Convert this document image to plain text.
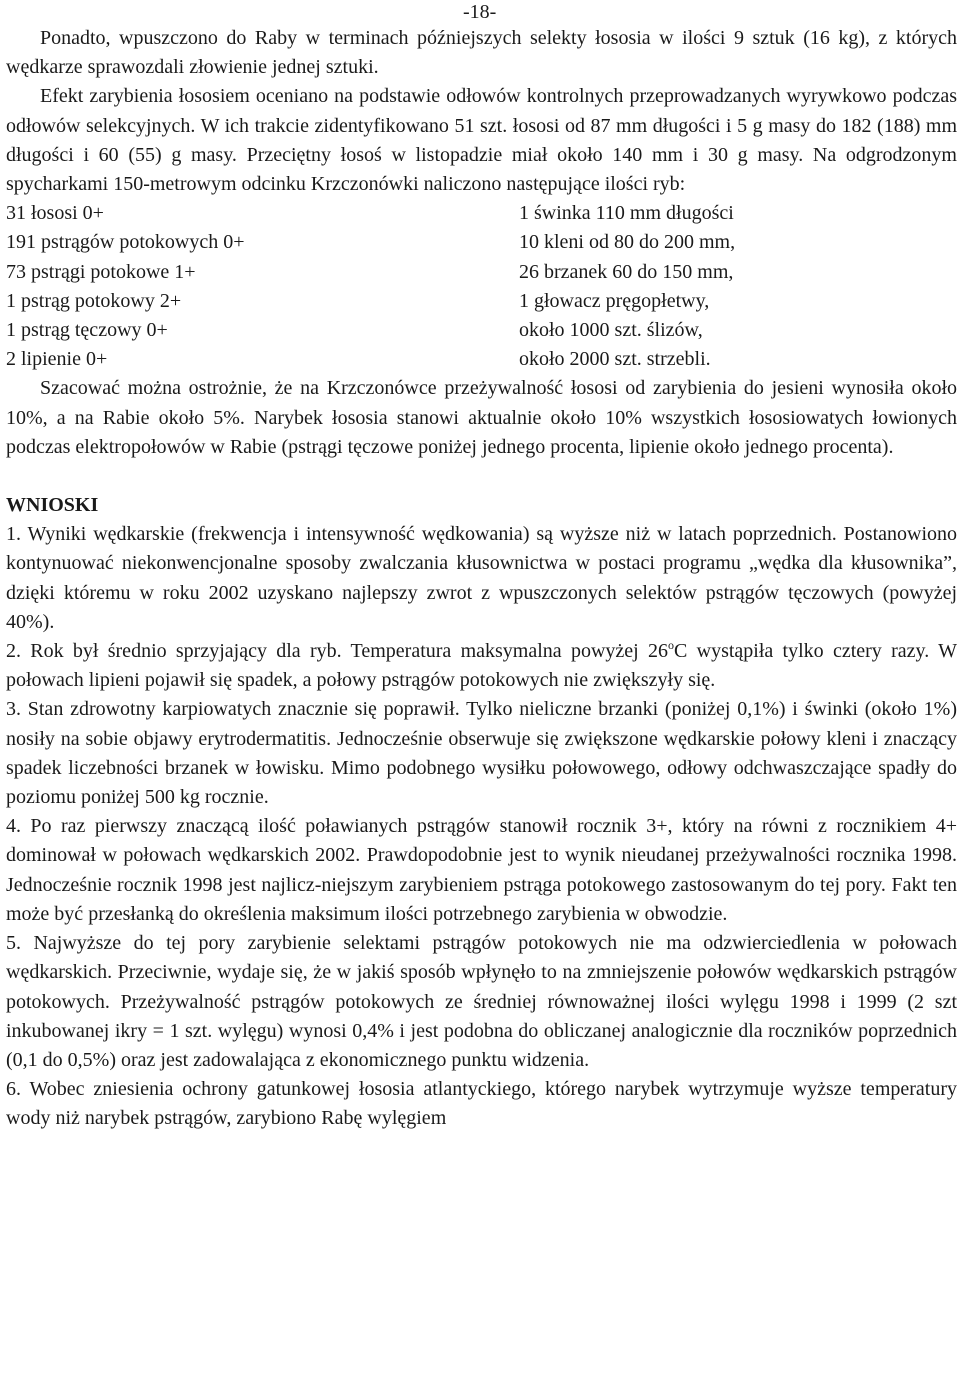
-18-

Ponadto, wpuszczono do Raby w terminach późniejszych selekty łososia w ilości 9 sztuk (16 kg), z których wędkarze sprawozdali złowienie jednej sztuki.

Efekt zarybienia łososiem oceniano na podstawie odłowów kontrolnych przeprowadzanych wyrywkowo podczas odłowów selekcyjnych. W ich trakcie zidentyfikowano 51 szt. łososi od 87 mm długości i 5 g masy do 182 (188) mm długości i 60 (55) g masy. Przeciętny łosoś w listopadzie miał około 140 mm i 30 g masy. Na odgrodzonym spycharkami 150-metrowym odcinku Krzczonówki naliczono następujące ilości ryb:

31 łososi 0+	1 świnka 110 mm długości
191 pstrągów potokowych 0+	10 kleni od 80 do 200 mm,
73 pstrągi potokowe 1+	26 brzanek 60 do 150 mm,
1 pstrąg potokowy 2+	1 głowacz pręgopłetwy,
1 pstrąg tęczowy 0+	około 1000 szt. ślizów,
2 lipienie 0+	około 2000 szt. strzebli.

Szacować można ostrożnie, że na Krzczonówce przeżywalność łososi od zarybienia do jesieni wynosiła około 10%, a na Rabie około 5%. Narybek łososia stanowi aktualnie około 10% wszystkich łososiowatych łowionych podczas elektropołowów w Rabie (pstrągi tęczowe poniżej jednego procenta, lipienie około jednego procenta).

WNIOSKI

1. Wyniki wędkarskie (frekwencja i intensywność wędkowania) są wyższe niż w latach poprzednich. Postanowiono kontynuować niekonwencjonalne sposoby zwalczania kłusownictwa w postaci programu „wędka dla kłusownika”, dzięki któremu w roku 2002 uzyskano najlepszy zwrot z wpuszczonych selektów pstrągów tęczowych (powyżej 40%).

2. Rok był średnio sprzyjający dla ryb. Temperatura maksymalna powyżej 26$^o$C wystąpiła tylko cztery razy. W połowach lipieni pojawił się spadek, a połowy pstrągów potokowych nie zwiększyły się.

3. Stan zdrowotny karpiowatych znacznie się poprawił. Tylko nieliczne brzanki (poniżej 0,1%) i świnki (około 1%) nosiły na sobie objawy erytrodermatitis. Jednocześnie obserwuje się zwiększone wędkarskie połowy kleni i znaczący spadek liczebności brzanek w łowisku. Mimo podobnego wysiłku połowowego, odłowy odchwaszczające spadły do poziomu poniżej 500 kg rocznie.

4. Po raz pierwszy znaczącą ilość poławianych pstrągów stanowił rocznik 3+, który na równi z rocznikiem 4+ dominował w połowach wędkarskich 2002. Prawdopodobnie jest to wynik nieudanej przeżywalności rocznika 1998. Jednocześnie rocznik 1998 jest najlicz-niejszym zarybieniem pstrąga potokowego zastosowanym do tej pory. Fakt ten może być przesłanką do określenia maksimum ilości potrzebnego zarybienia w obwodzie.

5. Najwyższe do tej pory zarybienie selektami pstrągów potokowych nie ma odzwierciedlenia w połowach wędkarskich. Przeciwnie, wydaje się, że w jakiś sposób wpłynęło to na zmniejszenie połowów wędkarskich pstrągów potokowych. Przeżywalność pstrągów potokowych ze średniej równoważnej ilości wylęgu 1998 i 1999 (2 szt inkubowanej ikry = 1 szt. wylęgu) wynosi 0,4% i jest podobna do obliczanej analogicznie dla roczników poprzednich (0,1 do 0,5%) oraz jest zadowalająca z ekonomicznego punktu widzenia.

6. Wobec zniesienia ochrony gatunkowej łososia atlantyckiego, którego narybek wytrzymuje wyższe temperatury wody niż narybek pstrągów, zarybiono Rabę wylęgiem
